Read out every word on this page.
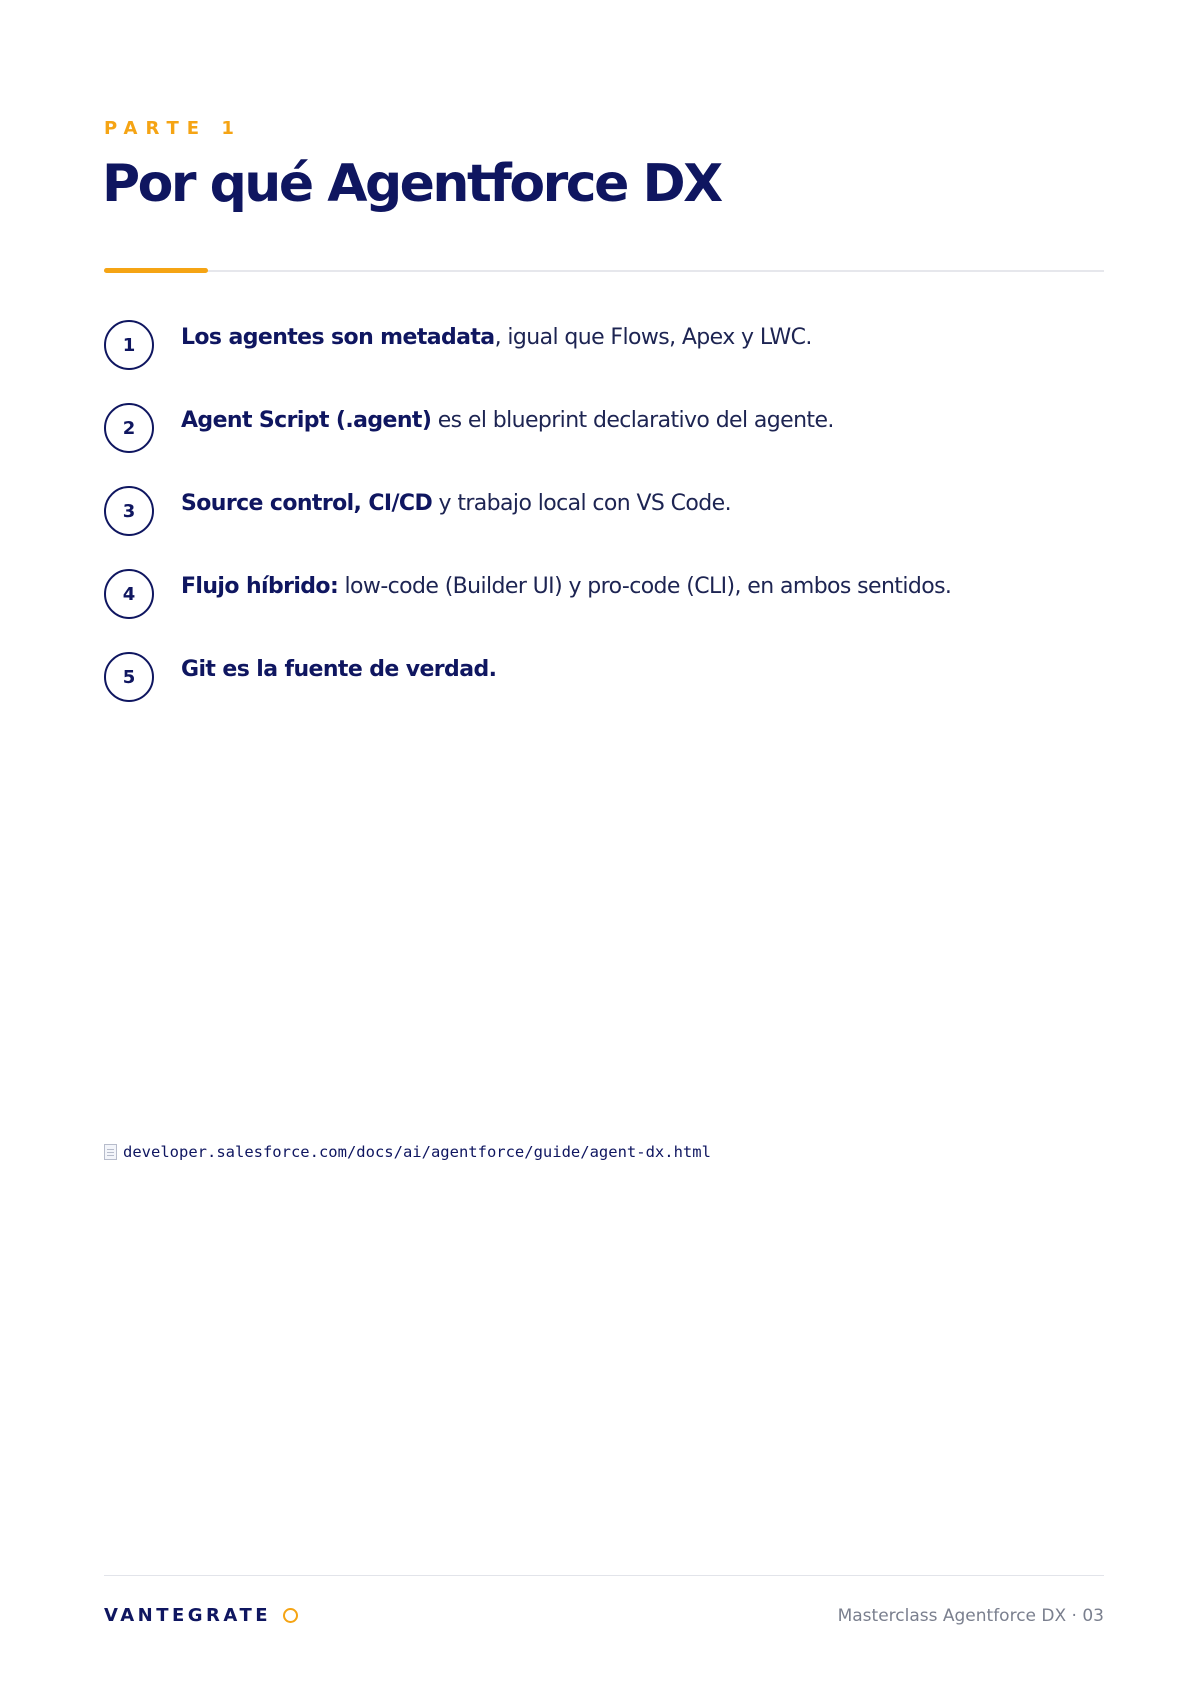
PARTE 1
Por qué Agentforce DX
1	Los agentes son metadata, igual que Flows, Apex y LWC.
2	Agent Script (.agent) es el blueprint declarativo del agente.
3	Source control, CI/CD y trabajo local con VS Code.
4	Flujo híbrido: low-code (Builder UI) y pro-code (CLI), en ambos sentidos.
5	Git es la fuente de verdad.
developer.salesforce.com/docs/ai/agentforce/guide/agent-dx.html
VANTEGRATE	Masterclass Agentforce DX · 03
